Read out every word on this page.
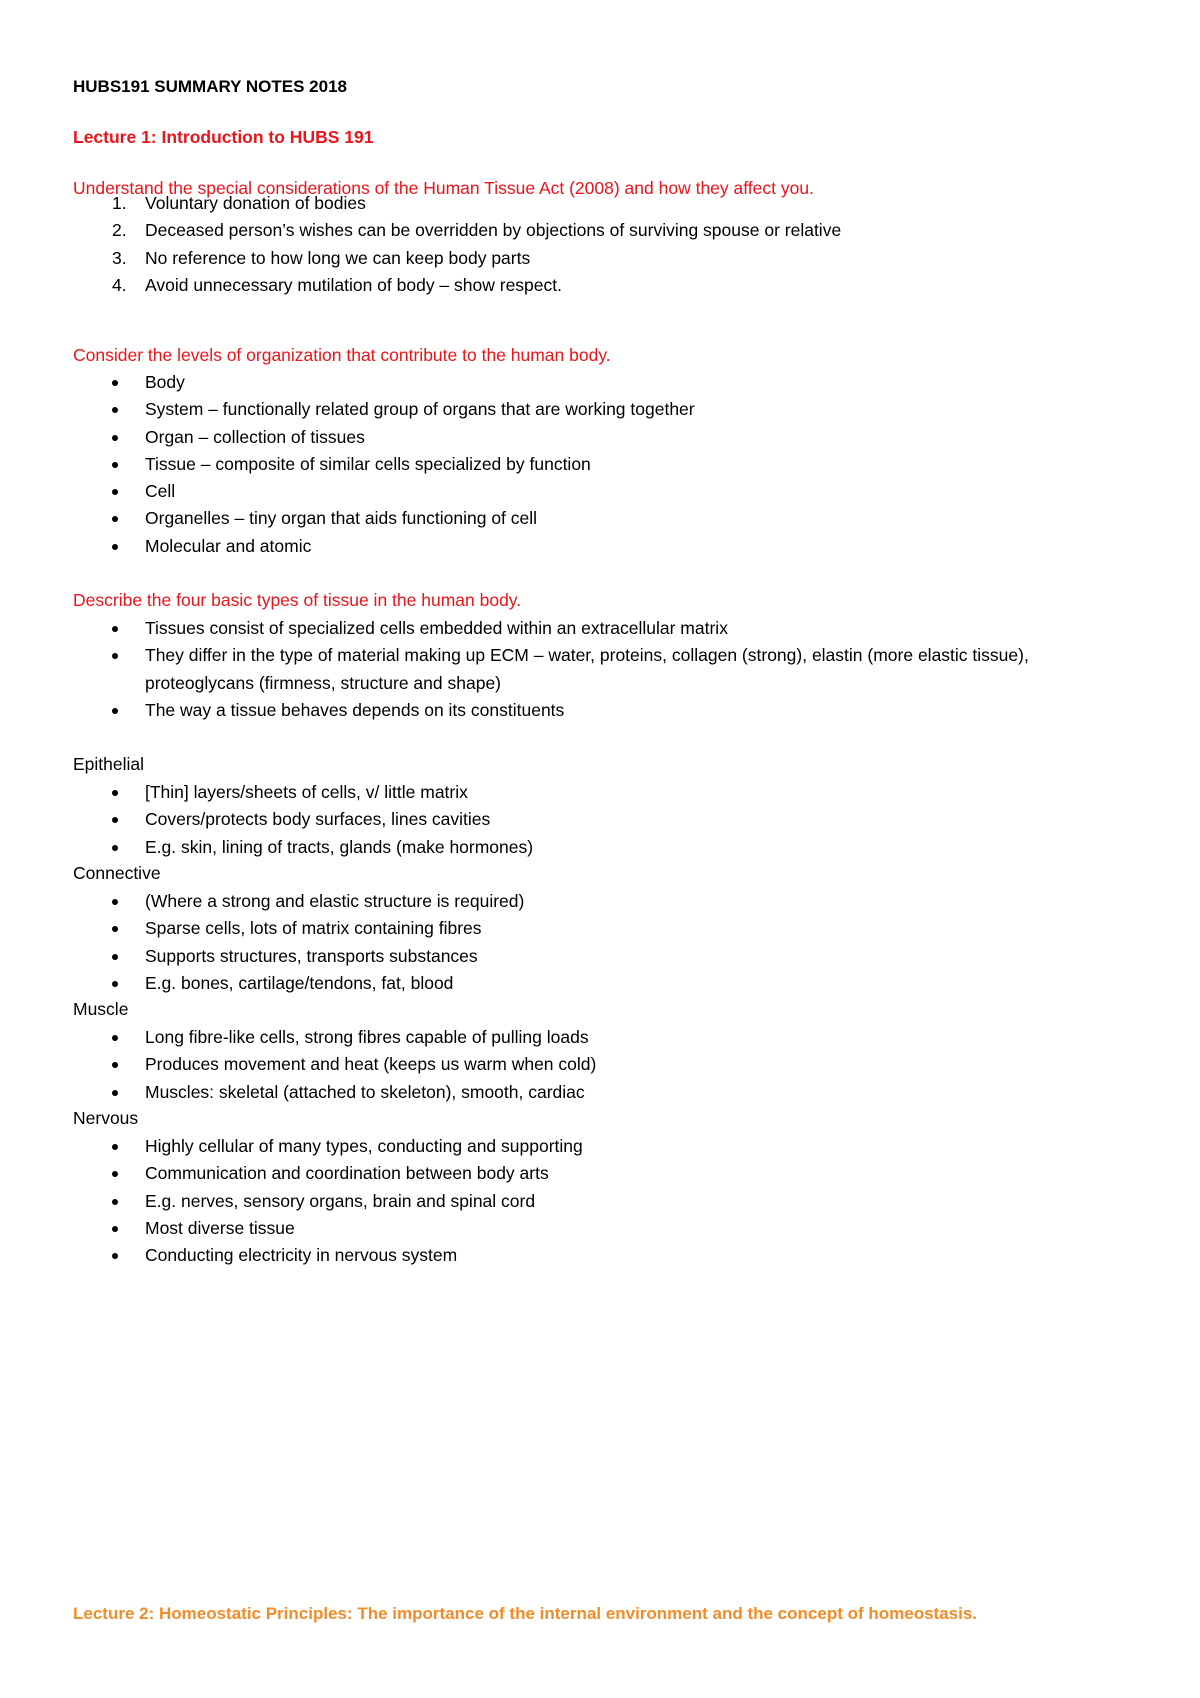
HUBS191 SUMMARY NOTES 2018
Lecture 1: Introduction to HUBS 191
Understand the special considerations of the Human Tissue Act (2008) and how they affect you.
1.	Voluntary donation of bodies
2.	Deceased person’s wishes can be overridden by objections of surviving spouse or relative
3.	No reference to how long we can keep body parts
4.	Avoid unnecessary mutilation of body – show respect.
Consider the levels of organization that contribute to the human body.
Body
System – functionally related group of organs that are working together
Organ – collection of tissues
Tissue – composite of similar cells specialized by function
Cell
Organelles – tiny organ that aids functioning of cell
Molecular and atomic
Describe the four basic types of tissue in the human body.
Tissues consist of specialized cells embedded within an extracellular matrix
They differ in the type of material making up ECM – water, proteins, collagen (strong), elastin (more elastic tissue), proteoglycans (firmness, structure and shape)
The way a tissue behaves depends on its constituents
Epithelial
[Thin] layers/sheets of cells, v/ little matrix
Covers/protects body surfaces, lines cavities
E.g. skin, lining of tracts, glands (make hormones)
Connective
(Where a strong and elastic structure is required)
Sparse cells, lots of matrix containing fibres
Supports structures, transports substances
E.g. bones, cartilage/tendons, fat, blood
Muscle
Long fibre-like cells, strong fibres capable of pulling loads
Produces movement and heat (keeps us warm when cold)
Muscles: skeletal (attached to skeleton), smooth, cardiac
Nervous
Highly cellular of many types, conducting and supporting
Communication and coordination between body arts
E.g. nerves, sensory organs, brain and spinal cord
Most diverse tissue
Conducting electricity in nervous system
Lecture 2: Homeostatic Principles: The importance of the internal environment and the concept of homeostasis.
